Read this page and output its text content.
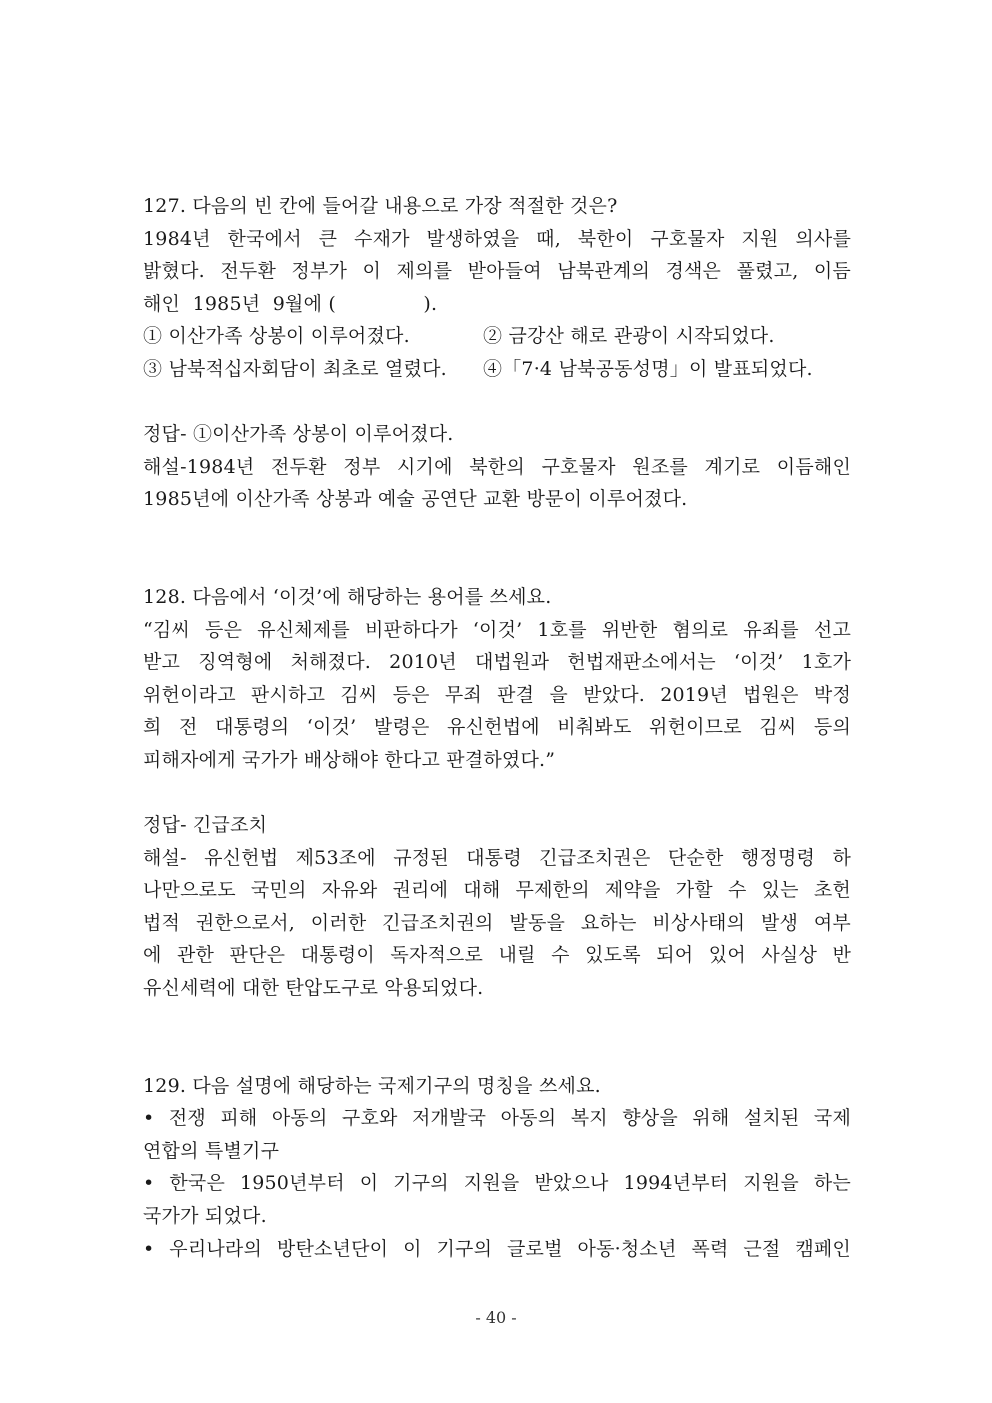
127. 다음의 빈 칸에 들어갈 내용으로 가장 적절한 것은?
1984년 한국에서 큰 수재가 발생하였을 때, 북한이 구호물자 지원 의사를
밝혔다. 전두환 정부가 이 제의를 받아들여 남북관계의 경색은 풀렸고, 이듬
해인  1985년  9월에 (              ).
① 이산가족 상봉이 이루어졌다.	② 금강산 해로 관광이 시작되었다.
③ 남북적십자회담이 최초로 열렸다.	④「7·4 남북공동성명」이 발표되었다.
정답- ①이산가족 상봉이 이루어졌다.
해설-1984년 전두환 정부 시기에 북한의 구호물자 원조를 계기로 이듬해인
1985년에 이산가족 상봉과 예술 공연단 교환 방문이 이루어졌다.
128. 다음에서 ‘이것’에 해당하는 용어를 쓰세요.
“김씨 등은 유신체제를 비판하다가 ‘이것’ 1호를 위반한 혐의로 유죄를 선고
받고 징역형에 처해졌다. 2010년 대법원과 헌법재판소에서는 ‘이것’ 1호가
위헌이라고 판시하고 김씨 등은 무죄 판결 을 받았다. 2019년 법원은 박정
희 전 대통령의 ‘이것’ 발령은 유신헌법에 비춰봐도 위헌이므로 김씨 등의
피해자에게 국가가 배상해야 한다고 판결하였다.”
정답- 긴급조치
해설- 유신헌법 제53조에 규정된 대통령 긴급조치권은 단순한 행정명령 하
나만으로도 국민의 자유와 권리에 대해 무제한의 제약을 가할 수 있는 초헌
법적 권한으로서, 이러한 긴급조치권의 발동을 요하는 비상사태의 발생 여부
에 관한 판단은 대통령이 독자적으로 내릴 수 있도록 되어 있어 사실상 반
유신세력에 대한 탄압도구로 악용되었다.
129. 다음 설명에 해당하는 국제기구의 명칭을 쓰세요.
• 전쟁 피해 아동의 구호와 저개발국 아동의 복지 향상을 위해 설치된 국제
연합의 특별기구
• 한국은 1950년부터 이 기구의 지원을 받았으나 1994년부터 지원을 하는
국가가 되었다.
• 우리나라의 방탄소년단이 이 기구의 글로벌 아동·청소년 폭력 근절 캠페인
- 40 -
